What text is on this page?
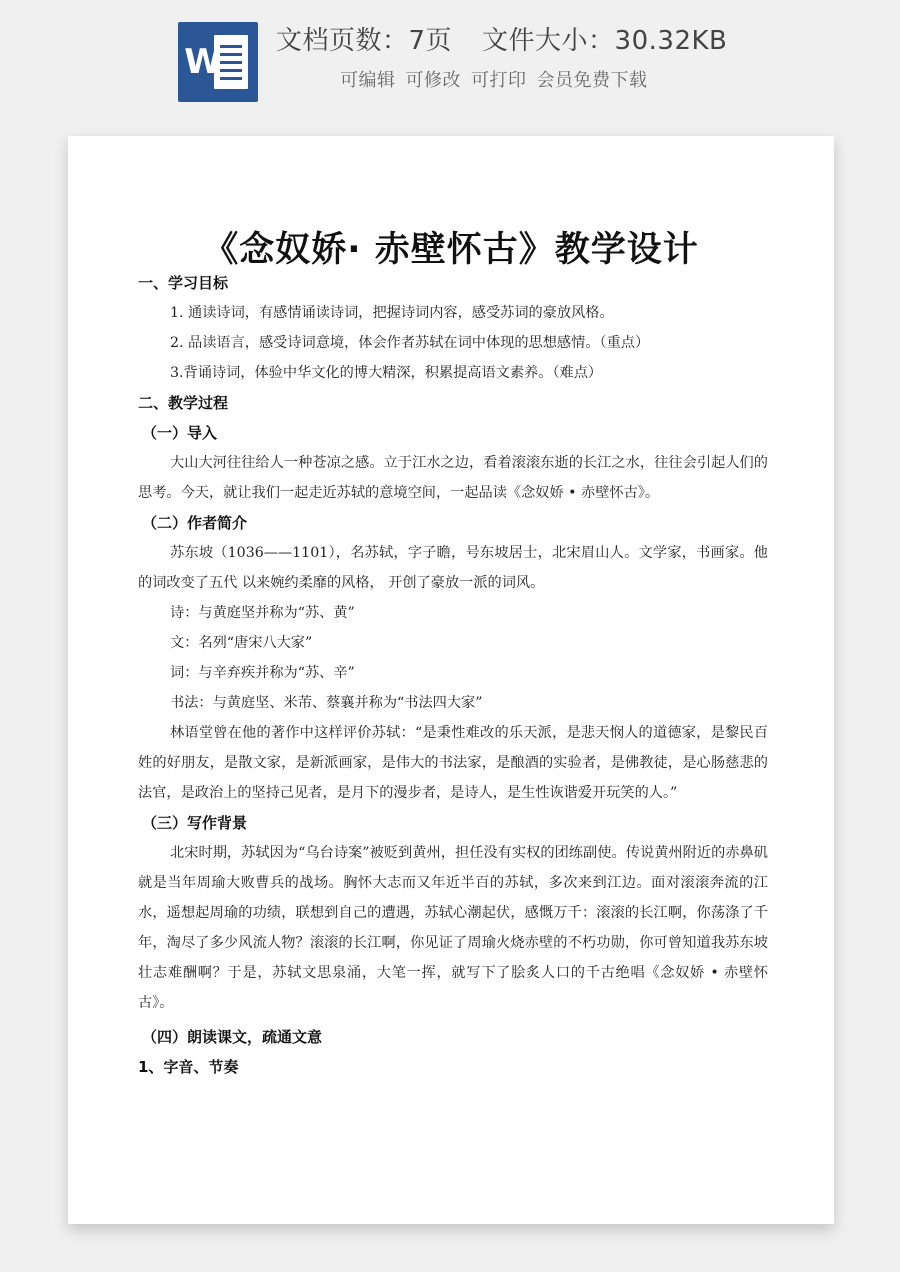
W
文档页数：7页 文件大小：30.32KB
可编辑 可修改 可打印 会员免费下载
《念奴娇· 赤壁怀古》教学设计
一、学习目标
1. 通读诗词，有感情诵读诗词，把握诗词内容，感受苏词的豪放风格。
2. 品读语言，感受诗词意境，体会作者苏轼在词中体现的思想感情。（重点）
3.背诵诗词，体验中华文化的博大精深，积累提高语文素养。（难点）
二、教学过程
（一）导入
大山大河往往给人一种苍凉之感。立于江水之边，看着滚滚东逝的长江之水，往往会引起人们的思考。今天，就让我们一起走近苏轼的意境空间，一起品读《念奴娇 • 赤壁怀古》。
（二）作者简介
苏东坡（1036——1101），名苏轼，字子瞻，号东坡居士，北宋眉山人。文学家，书画家。他的词改变了五代 以来婉约柔靡的风格， 开创了豪放一派的词风。
诗：与黄庭坚并称为“苏、黄”
文：名列“唐宋八大家”
词：与辛弃疾并称为“苏、辛”
书法：与黄庭坚、米芾、蔡襄并称为“书法四大家”
林语堂曾在他的著作中这样评价苏轼：“是秉性难改的乐天派，是悲天悯人的道德家，是黎民百姓的好朋友，是散文家，是新派画家，是伟大的书法家，是酿酒的实验者，是佛教徒，是心肠慈悲的法官，是政治上的坚持己见者，是月下的漫步者，是诗人，是生性诙谐爱开玩笑的人。”
（三）写作背景
北宋时期，苏轼因为“乌台诗案”被贬到黄州，担任没有实权的团练副使。传说黄州附近的赤鼻矶就是当年周瑜大败曹兵的战场。胸怀大志而又年近半百的苏轼，多次来到江边。面对滚滚奔流的江水，遥想起周瑜的功绩，联想到自己的遭遇，苏轼心潮起伏，感慨万千：滚滚的长江啊，你荡涤了千年，淘尽了多少风流人物？滚滚的长江啊，你见证了周瑜火烧赤壁的不朽功勋，你可曾知道我苏东坡壮志难酬啊？于是，苏轼文思泉涌，大笔一挥，就写下了脍炙人口的千古绝唱《念奴娇 • 赤壁怀古》。
（四）朗读课文，疏通文意
1、字音、节奏
